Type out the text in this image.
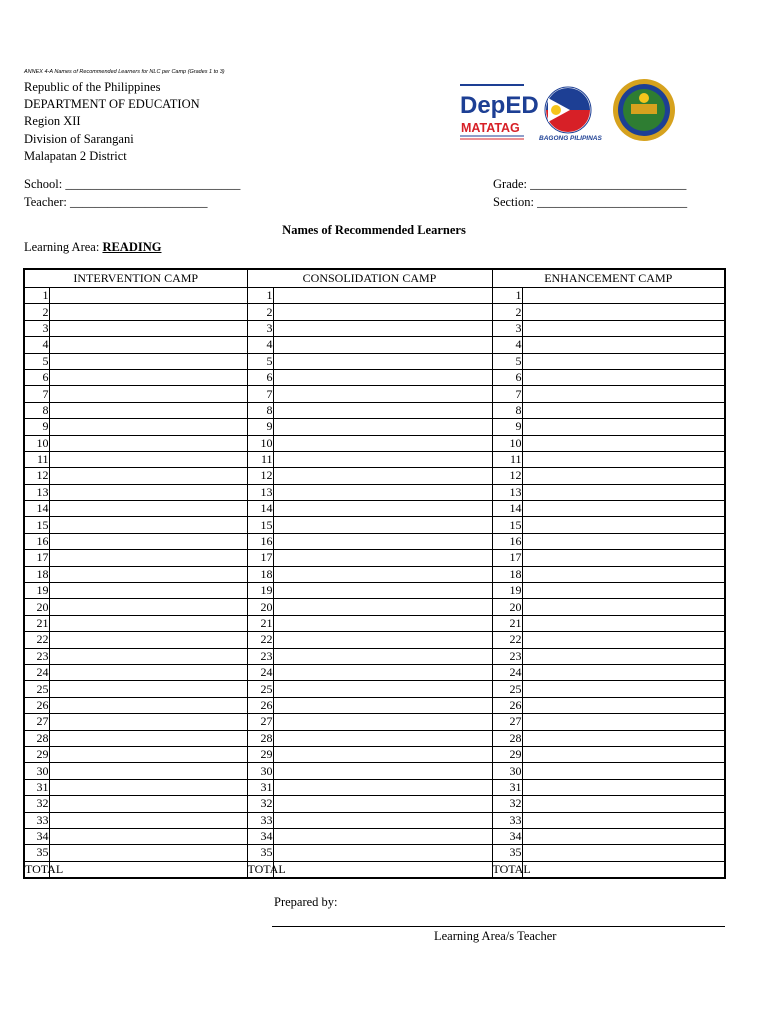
ANNEX 4-A Names of Recommended Learners for NLC per Camp (Grades 1 to 3)
Republic of the Philippines
DEPARTMENT OF EDUCATION
Region XII
Division of Sarangani
Malapatan 2 District
DepED
MATATAG
BAGONG PILIPINAS
School: ____________________________	Grade: _________________________
Teacher: ______________________	Section: ________________________
Names of Recommended Learners
Learning Area: READING
INTERVENTION CAMP		CONSOLIDATION CAMP		ENHANCEMENT CAMP	
1		1		1	
2		2		2	
3		3		3	
4		4		4	
5		5		5	
6		6		6	
7		7		7	
8		8		8	
9		9		9	
10		10		10	
11		11		11	
12		12		12	
13		13		13	
14		14		14	
15		15		15	
16		16		16	
17		17		17	
18		18		18	
19		19		19	
20		20		20	
21		21		21	
22		22		22	
23		23		23	
24		24		24	
25		25		25	
26		26		26	
27		27		27	
28		28		28	
29		29		29	
30		30		30	
31		31		31	
32		32		32	
33		33		33	
34		34		34	
35		35		35	

TOTAL		TOTAL		TOTAL	

Prepared by:
Learning Area/s Teacher
